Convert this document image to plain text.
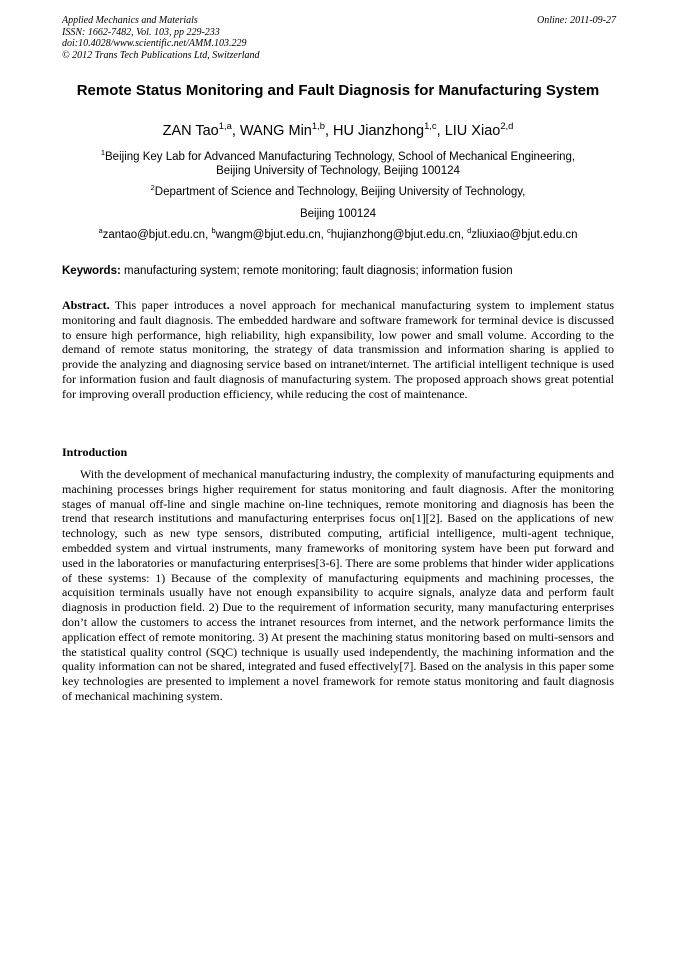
Applied Mechanics and Materials
ISSN: 1662-7482, Vol. 103, pp 229-233
doi:10.4028/www.scientific.net/AMM.103.229
© 2012 Trans Tech Publications Ltd, Switzerland
Online: 2011-09-27
Remote Status Monitoring and Fault Diagnosis for Manufacturing System
ZAN Tao$^{1,a}$, WANG Min$^{1,b}$, HU Jianzhong$^{1,c}$, LIU Xiao$^{2,d}$
$^1$Beijing Key Lab for Advanced Manufacturing Technology, School of Mechanical Engineering,
Beijing University of Technology, Beijing 100124
$^2$Department of Science and Technology, Beijing University of Technology,
Beijing 100124
$^a$zantao@bjut.edu.cn, $^b$wangm@bjut.edu.cn, $^c$hujianzhong@bjut.edu.cn, $^d$zliuxiao@bjut.edu.cn
Keywords: manufacturing system; remote monitoring; fault diagnosis; information fusion
Abstract. This paper introduces a novel approach for mechanical manufacturing system to implement status monitoring and fault diagnosis. The embedded hardware and software framework for terminal device is discussed to ensure high performance, high reliability, high expansibility, low power and small volume. According to the demand of remote status monitoring, the strategy of data transmission and information sharing is applied to provide the analyzing and diagnosing service based on intranet/internet. The artificial intelligent technique is used for information fusion and fault diagnosis of manufacturing system. The proposed approach shows great potential for improving overall production efficiency, while reducing the cost of maintenance.
Introduction
With the development of mechanical manufacturing industry, the complexity of manufacturing equipments and machining processes brings higher requirement for status monitoring and fault diagnosis. After the monitoring stages of manual off-line and single machine on-line techniques, remote monitoring and diagnosis has been the trend that research institutions and manufacturing enterprises focus on[1][2]. Based on the applications of new technology, such as new type sensors, distributed computing, artificial intelligence, multi-agent technique, embedded system and virtual instruments, many frameworks of monitoring system have been put forward and used in the laboratories or manufacturing enterprises[3-6]. There are some problems that hinder wider applications of these systems: 1) Because of the complexity of manufacturing equipments and machining processes, the acquisition terminals usually have not enough expansibility to acquire signals, analyze data and perform fault diagnosis in production field. 2) Due to the requirement of information security, many manufacturing enterprises don’t allow the customers to access the intranet resources from internet, and the network performance limits the application effect of remote monitoring. 3) At present the machining status monitoring based on multi-sensors and the statistical quality control (SQC) technique is usually used independently, the machining information and the quality information can not be shared, integrated and fused effectively[7]. Based on the analysis in this paper some key technologies are presented to implement a novel framework for remote status monitoring and fault diagnosis of mechanical machining system.
